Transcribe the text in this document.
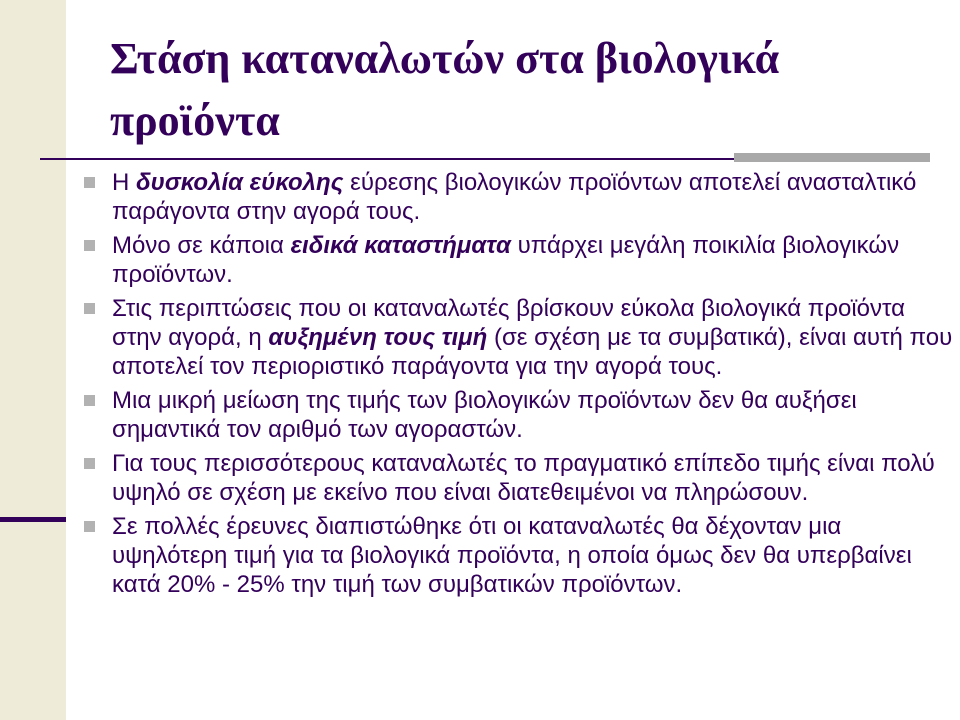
Στάση καταναλωτών στα βιολογικά προϊόντα
Η δυσκολία εύκολης εύρεσης βιολογικών προϊόντων αποτελεί ανασταλτικό παράγοντα στην αγορά τους.
Μόνο σε κάποια ειδικά καταστήματα υπάρχει μεγάλη ποικιλία βιολογικών προϊόντων.
Στις περιπτώσεις που οι καταναλωτές βρίσκουν εύκολα βιολογικά προϊόντα στην αγορά, η αυξημένη τους τιμή (σε σχέση με τα συμβατικά), είναι αυτή που αποτελεί τον περιοριστικό παράγοντα για την αγορά τους.
Μια μικρή μείωση της τιμής των βιολογικών προϊόντων δεν θα αυξήσει σημαντικά τον αριθμό των αγοραστών.
Για τους περισσότερους καταναλωτές το πραγματικό επίπεδο τιμής είναι πολύ υψηλό σε σχέση με εκείνο που είναι διατεθειμένοι να πληρώσουν.
Σε πολλές έρευνες διαπιστώθηκε ότι οι καταναλωτές θα δέχονταν μια υψηλότερη τιμή για τα βιολογικά προϊόντα, η οποία όμως δεν θα υπερβαίνει κατά 20% - 25% την τιμή των συμβατικών προϊόντων.
